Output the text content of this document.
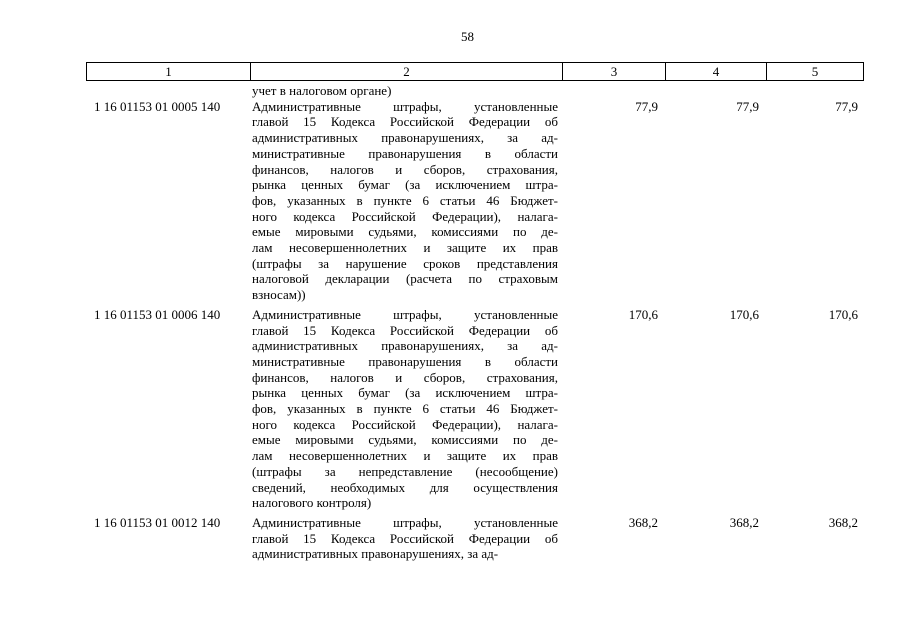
58
1	2	3	4	5
учет в налоговом органе)
1 16 01153 01 0005 140	Административные штрафы, установленные
главой 15 Кодекса Российской Федерации об
административных правонарушениях, за ад-
министративные правонарушения в области
финансов, налогов и сборов, страхования,
рынка ценных бумаг (за исключением штра-
фов, указанных в пункте 6 статьи 46 Бюджет-
ного кодекса Российской Федерации), налага-
емые мировыми судьями, комиссиями по де-
лам несовершеннолетних и защите их прав
(штрафы за нарушение сроков представления
налоговой декларации (расчета по страховым
взносам))
77,9	77,9	77,9
1 16 01153 01 0006 140	Административные штрафы, установленные
главой 15 Кодекса Российской Федерации об
административных правонарушениях, за ад-
министративные правонарушения в области
финансов, налогов и сборов, страхования,
рынка ценных бумаг (за исключением штра-
фов, указанных в пункте 6 статьи 46 Бюджет-
ного кодекса Российской Федерации), налага-
емые мировыми судьями, комиссиями по де-
лам несовершеннолетних и защите их прав
(штрафы за непредставление (несообщение)
сведений, необходимых для осуществления
налогового контроля)
170,6	170,6	170,6
1 16 01153 01 0012 140	Административные штрафы, установленные
главой 15 Кодекса Российской Федерации об
административных правонарушениях, за ад-
368,2	368,2	368,2
